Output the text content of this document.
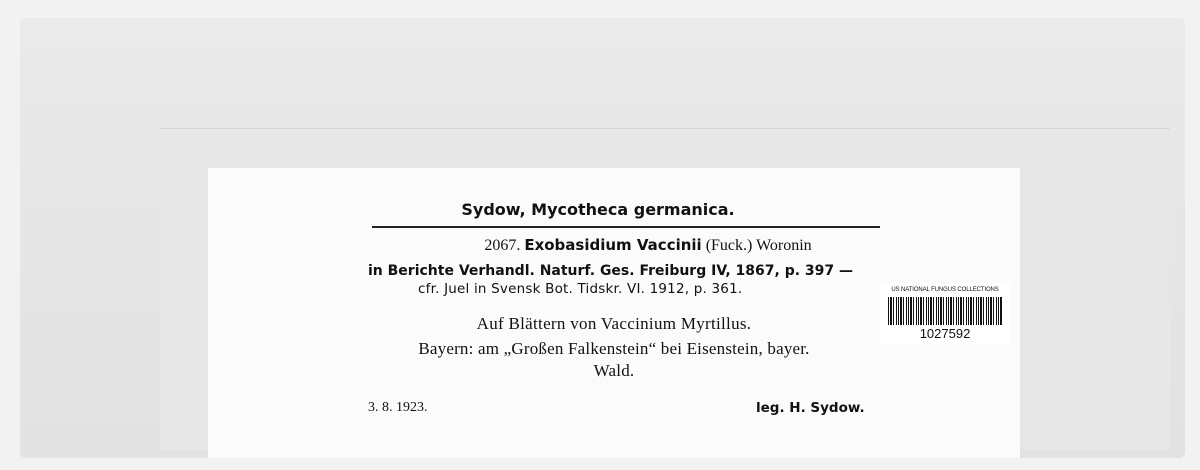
Sydow, Mycotheca germanica.
2067. Exobasidium Vaccinii (Fuck.) Woronin
in Berichte Verhandl. Naturf. Ges. Freiburg IV, 1867, p. 397 —
cfr. Juel in Svensk Bot. Tidskr. VI. 1912, p. 361.
Auf Blättern von Vaccinium Myrtillus.
Bayern: am „Großen Falkenstein“ bei Eisenstein, bayer.
Wald.
3. 8. 1923.	leg. H. Sydow.
US NATIONAL FUNGUS COLLECTIONS
1027592
